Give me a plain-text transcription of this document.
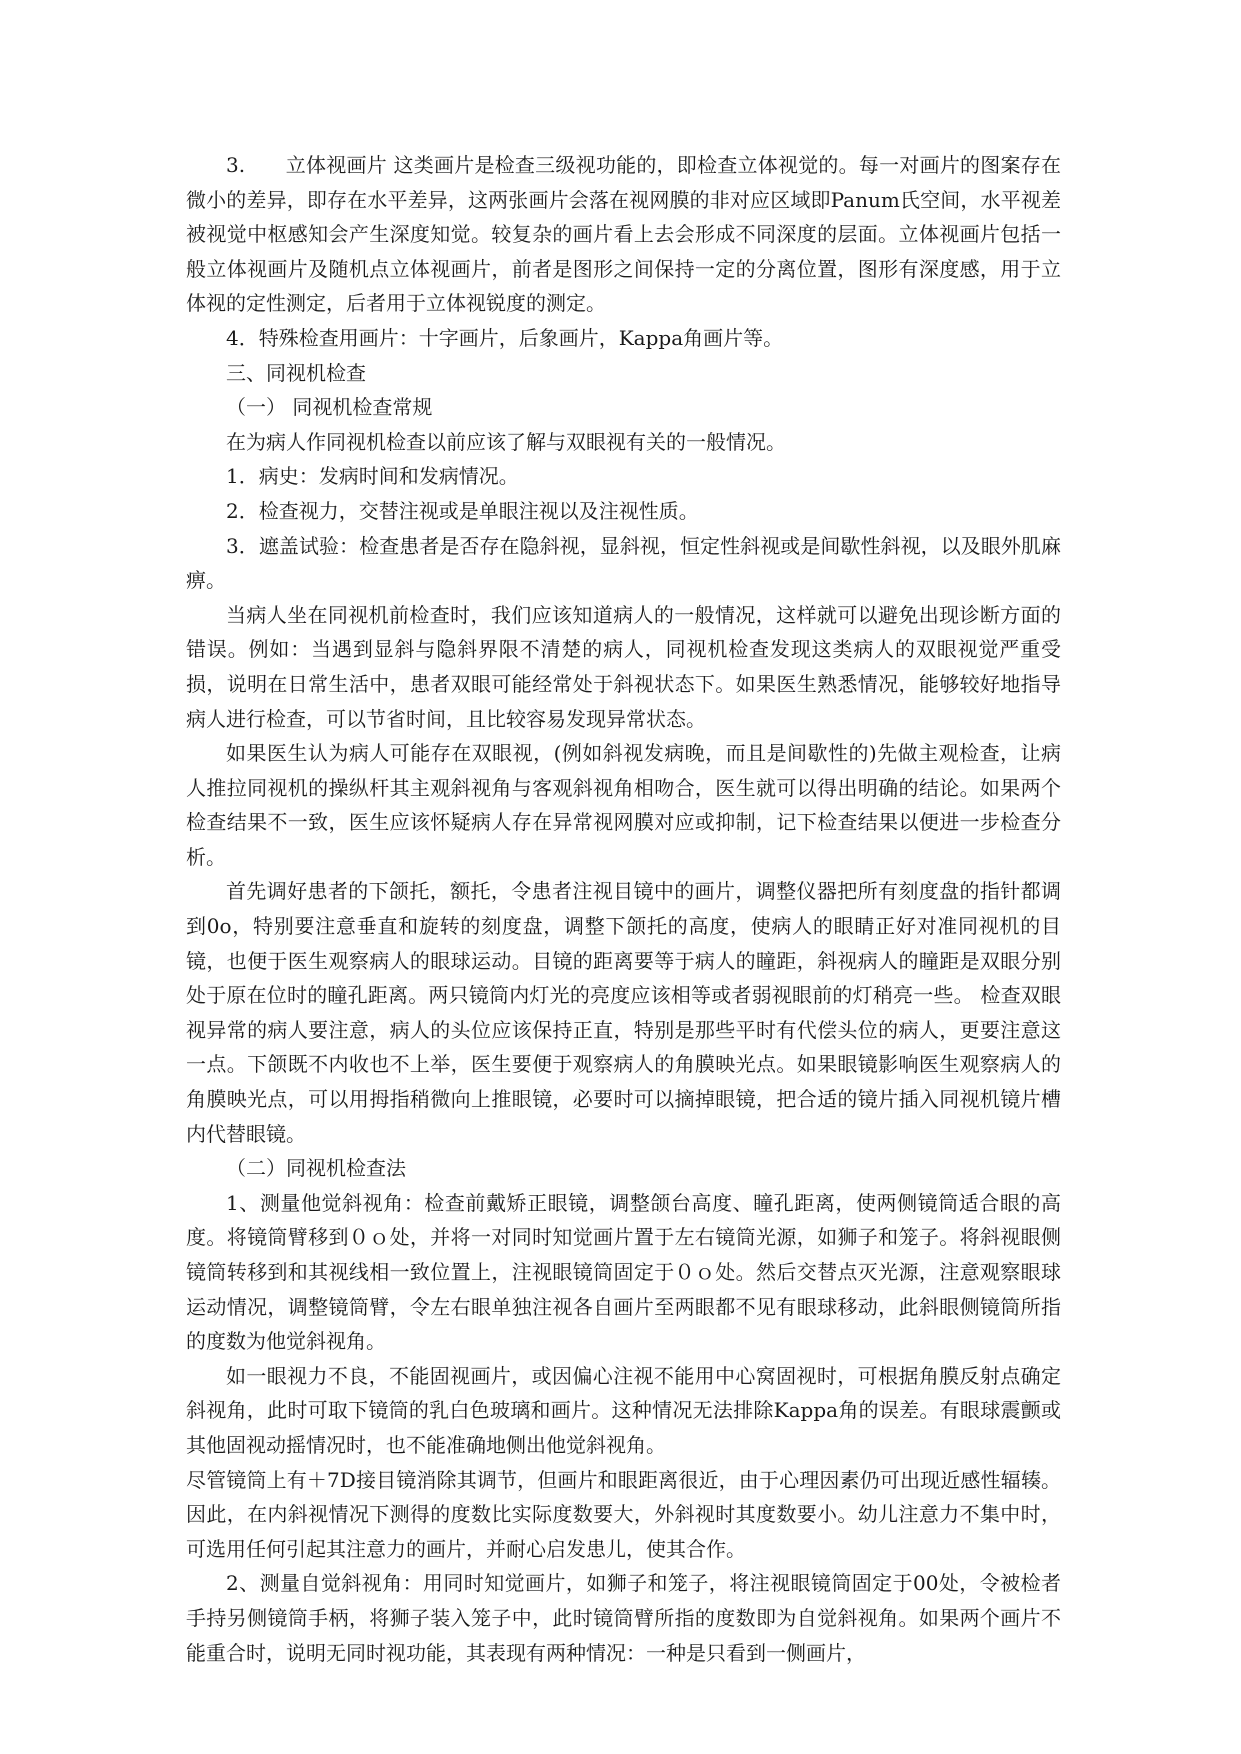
3.　　立体视画片 这类画片是检查三级视功能的，即检查立体视觉的。每一对画片的图案存在微小的差异，即存在水平差异，这两张画片会落在视网膜的非对应区域即Panum氏空间，水平视差被视觉中枢感知会产生深度知觉。较复杂的画片看上去会形成不同深度的层面。立体视画片包括一般立体视画片及随机点立体视画片，前者是图形之间保持一定的分离位置，图形有深度感，用于立体视的定性测定，后者用于立体视锐度的测定。

4．特殊检查用画片：十字画片，后象画片，Kappa角画片等。

三、同视机检查

（一） 同视机检查常规

在为病人作同视机检查以前应该了解与双眼视有关的一般情况。

1．病史：发病时间和发病情况。

2．检查视力，交替注视或是单眼注视以及注视性质。

3．遮盖试验：检查患者是否存在隐斜视，显斜视，恒定性斜视或是间歇性斜视，以及眼外肌麻痹。

当病人坐在同视机前检查时，我们应该知道病人的一般情况，这样就可以避免出现诊断方面的错误。例如：当遇到显斜与隐斜界限不清楚的病人，同视机检查发现这类病人的双眼视觉严重受损，说明在日常生活中，患者双眼可能经常处于斜视状态下。如果医生熟悉情况，能够较好地指导病人进行检查，可以节省时间，且比较容易发现异常状态。

如果医生认为病人可能存在双眼视，(例如斜视发病晚，而且是间歇性的)先做主观检查，让病人推拉同视机的操纵杆其主观斜视角与客观斜视角相吻合，医生就可以得出明确的结论。如果两个检查结果不一致，医生应该怀疑病人存在异常视网膜对应或抑制，记下检查结果以便进一步检查分析。

首先调好患者的下颌托，额托，令患者注视目镜中的画片，调整仪器把所有刻度盘的指针都调到0o，特别要注意垂直和旋转的刻度盘，调整下颌托的高度，使病人的眼睛正好对准同视机的目镜，也便于医生观察病人的眼球运动。目镜的距离要等于病人的瞳距，斜视病人的瞳距是双眼分别处于原在位时的瞳孔距离。两只镜筒内灯光的亮度应该相等或者弱视眼前的灯稍亮一些。 检查双眼视异常的病人要注意，病人的头位应该保持正直，特别是那些平时有代偿头位的病人，更要注意这一点。下颌既不内收也不上举，医生要便于观察病人的角膜映光点。如果眼镜影响医生观察病人的角膜映光点，可以用拇指稍微向上推眼镜，必要时可以摘掉眼镜，把合适的镜片插入同视机镜片槽内代替眼镜。

（二）同视机检查法

1、测量他觉斜视角：检查前戴矫正眼镜，调整颌台高度、瞳孔距离，使两侧镜筒适合眼的高度。将镜筒臂移到０ｏ处，并将一对同时知觉画片置于左右镜筒光源，如狮子和笼子。将斜视眼侧镜筒转移到和其视线相一致位置上，注视眼镜筒固定于０ｏ处。然后交替点灭光源，注意观察眼球运动情况，调整镜筒臂，令左右眼单独注视各自画片至两眼都不见有眼球移动，此斜眼侧镜筒所指的度数为他觉斜视角。

如一眼视力不良，不能固视画片，或因偏心注视不能用中心窝固视时，可根据角膜反射点确定斜视角，此时可取下镜筒的乳白色玻璃和画片。这种情况无法排除Kappa角的误差。有眼球震颤或其他固视动摇情况时，也不能准确地侧出他觉斜视角。

尽管镜筒上有＋7D接目镜消除其调节，但画片和眼距离很近，由于心理因素仍可出现近感性辐辏。因此，在内斜视情况下测得的度数比实际度数要大，外斜视时其度数要小。幼儿注意力不集中时，可选用任何引起其注意力的画片，并耐心启发患儿，使其合作。

2、测量自觉斜视角：用同时知觉画片，如狮子和笼子，将注视眼镜筒固定于00处，令被检者手持另侧镜筒手柄，将狮子装入笼子中，此时镜筒臂所指的度数即为自觉斜视角。如果两个画片不能重合时，说明无同时视功能，其表现有两种情况：一种是只看到一侧画片，
